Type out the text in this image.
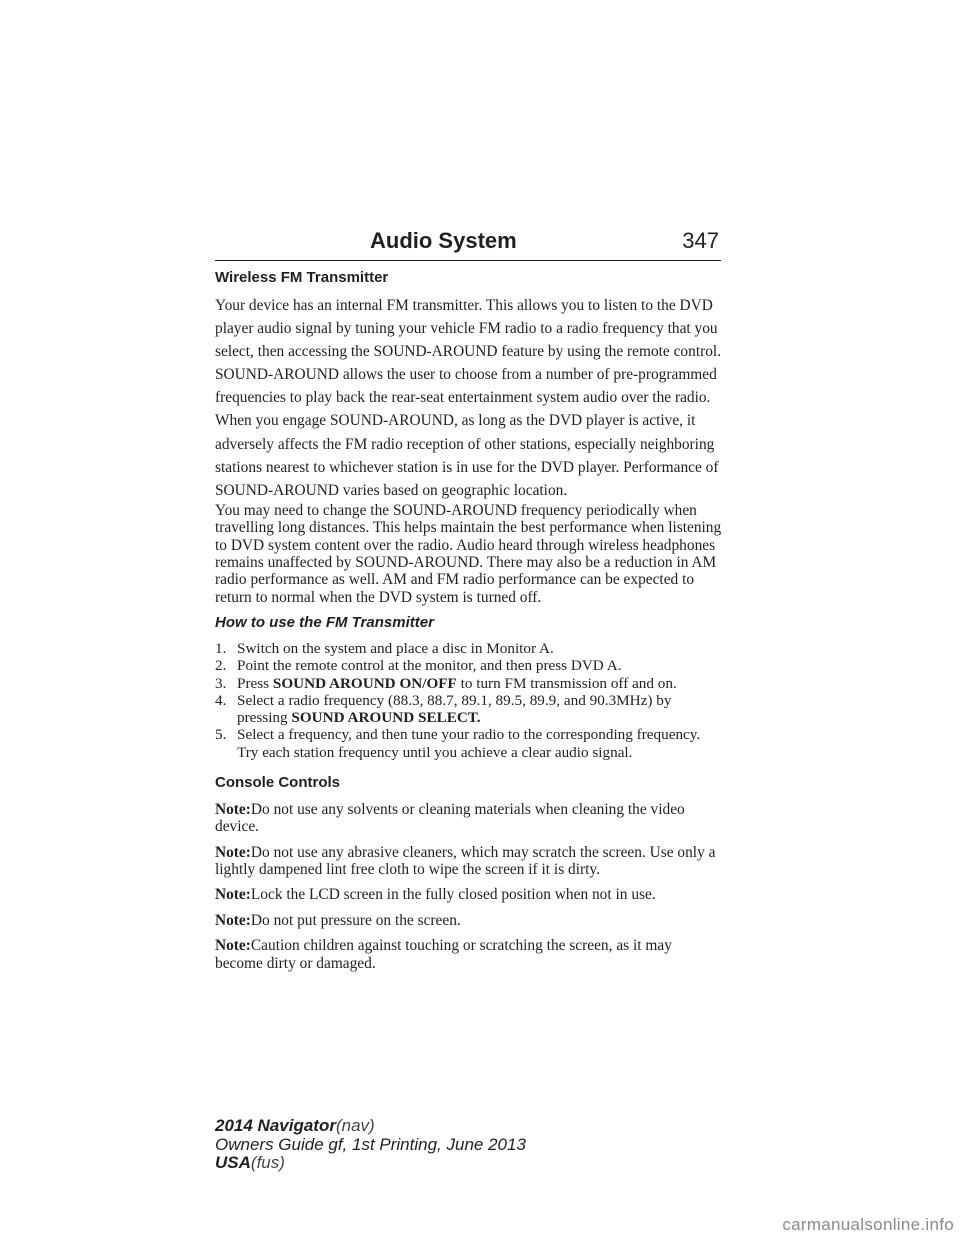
Audio System	347
Wireless FM Transmitter

Your device has an internal FM transmitter. This allows you to listen to the DVD player audio signal by tuning your vehicle FM radio to a radio frequency that you select, then accessing the SOUND-AROUND feature by using the remote control. SOUND-AROUND allows the user to choose from a number of pre-programmed frequencies to play back the rear-seat entertainment system audio over the radio. When you engage SOUND-AROUND, as long as the DVD player is active, it adversely affects the FM radio reception of other stations, especially neighboring stations nearest to whichever station is in use for the DVD player. Performance of SOUND-AROUND varies based on geographic location.

You may need to change the SOUND-AROUND frequency periodically when travelling long distances. This helps maintain the best performance when listening to DVD system content over the radio. Audio heard through wireless headphones remains unaffected by SOUND-AROUND. There may also be a reduction in AM radio performance as well. AM and FM radio performance can be expected to return to normal when the DVD system is turned off.

How to use the FM Transmitter
1. Switch on the system and place a disc in Monitor A.
2. Point the remote control at the monitor, and then press DVD A.
3. Press SOUND AROUND ON/OFF to turn FM transmission off and on.
4. Select a radio frequency (88.3, 88.7, 89.1, 89.5, 89.9, and 90.3MHz) by pressing SOUND AROUND SELECT.
5. Select a frequency, and then tune your radio to the corresponding frequency. Try each station frequency until you achieve a clear audio signal.
Console Controls

Note:Do not use any solvents or cleaning materials when cleaning the video device.

Note:Do not use any abrasive cleaners, which may scratch the screen. Use only a lightly dampened lint free cloth to wipe the screen if it is dirty.

Note:Lock the LCD screen in the fully closed position when not in use.

Note:Do not put pressure on the screen.

Note:Caution children against touching or scratching the screen, as it may become dirty or damaged.

2014 Navigator(nav)
Owners Guide gf, 1st Printing, June 2013
USA(fus)
carmanualsonline.info
